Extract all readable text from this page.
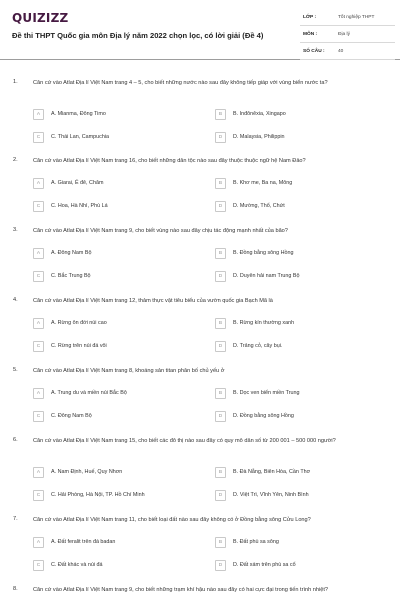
QUIZIZZ
Đề thi THPT Quốc gia môn Địa lý năm 2022 chọn lọc, có lời giải (Đề 4)
LỚP :	Tốt nghiệp THPT
MÔN :	Địa lý
SỐ CÂU :	40
1.	Căn cứ vào Atlat Địa lí Việt Nam trang 4 – 5, cho biết những nước nào sau đây không tiếp giáp với vùng biển nước ta?
A	A. Mianma, Đông Timo	B	B. Inđônêxia, Xingapo
C	C. Thái Lan, Campuchia	D	D. Malaysia, Philippin
2.	Căn cứ vào Atlat Địa lí Việt Nam trang 16, cho biết những dân tộc nào sau đây thuộc thuộc ngữ hệ Nam Đảo?
A	A. Giarai, Ê đê, Chăm	B	B. Khơ me, Ba na, Mông
C	C. Hoa, Hà Nhì, Phù Lá	D	D. Mường, Thổ, Chứt
3.	Căn cứ vào Atlat Địa lí Việt Nam trang 9, cho biết vùng nào sau đây chịu tác động mạnh nhất của bão?
A	A. Đông Nam Bộ	B	B. Đồng bằng sông Hồng
C	C. Bắc Trung Bộ	D	D. Duyên hải nam Trung Bộ
4.	Căn cứ vào Atlat Địa lí Việt Nam trang 12, thảm thực vật tiêu biểu của vườn quốc gia Bạch Mã là
A	A. Rừng ôn đới núi cao	B	B. Rừng kín thường xanh
C	C. Rừng trên núi đá vôi	D	D. Trảng cỏ, cây bụi.
5.	Căn cứ vào Atlat Địa lí Việt Nam trang 8, khoáng sản titan phân bố chủ yếu ở
A	A. Trung du và miền núi Bắc Bộ	B	B. Dọc ven biển miền Trung
C	C. Đông Nam Bộ	D	D. Đồng bằng sông Hồng
6.	Căn cứ vào Atlat Địa lí Việt Nam trang 15, cho biết các đô thị nào sau đây có quy mô dân số từ 200 001 – 500 000 người?
A	A. Nam Định, Huế, Quy Nhơn	B	B. Đà Nẵng, Biên Hòa, Cần Thơ
C	C. Hải Phòng, Hà Nội, TP. Hồ Chí Minh	D	D. Việt Trì, Vĩnh Yên, Ninh Bình
7.	Căn cứ vào Atlat Địa lí Việt Nam trang 11, cho biết loại đất nào sau đây không có ở Đồng bằng sông Cửu Long?
A	A. Đất feralit trên đá badan	B	B. Đất phù sa sông
C	C. Đất khác và núi đá	D	D. Đất xám trên phù sa cổ
8.	Căn cứ vào Atlat Địa lí Việt Nam trang 9, cho biết những trạm khí hậu nào sau đây có hai cực đại trong tiến trình nhiệt?
